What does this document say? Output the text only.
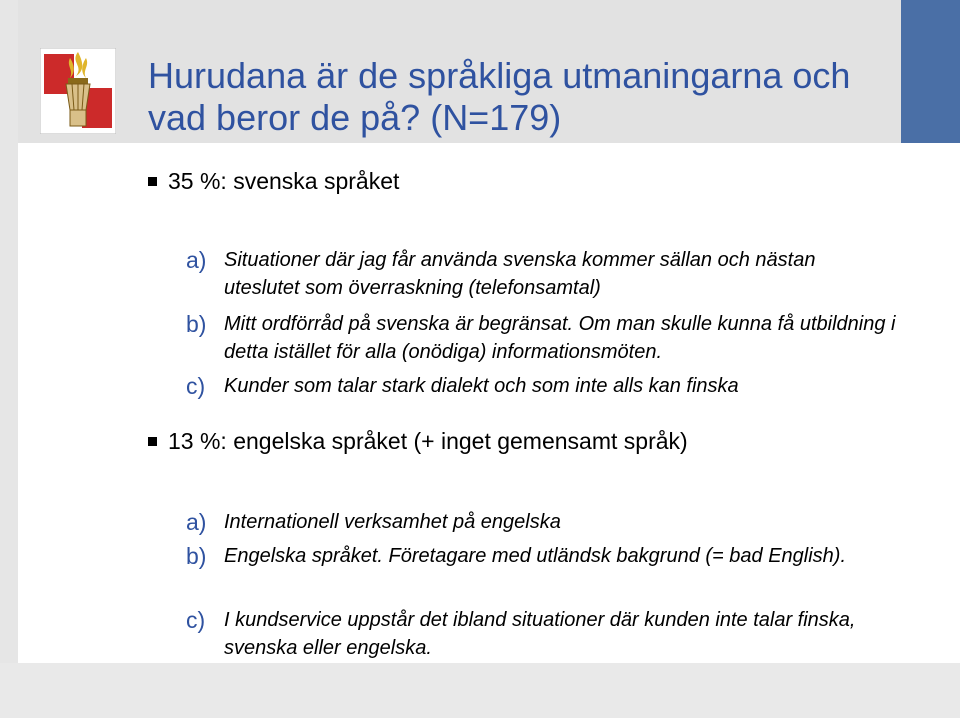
Hurudana är de språkliga utmaningarna och
vad beror de på? (N=179)
35 %: svenska språket
a) Situationer där jag får använda svenska kommer sällan och nästan uteslutet som överraskning (telefonsamtal)
b) Mitt ordförråd på svenska är begränsat. Om man skulle kunna få utbildning i detta istället för alla (onödiga) informationsmöten.
c) Kunder som talar stark dialekt och som inte alls kan finska
13 %: engelska språket (+ inget gemensamt språk)
a) Internationell verksamhet på engelska
b) Engelska språket. Företagare med utländsk bakgrund (= bad English).
c) I kundservice uppstår det ibland situationer där kunden inte talar finska, svenska eller engelska.
